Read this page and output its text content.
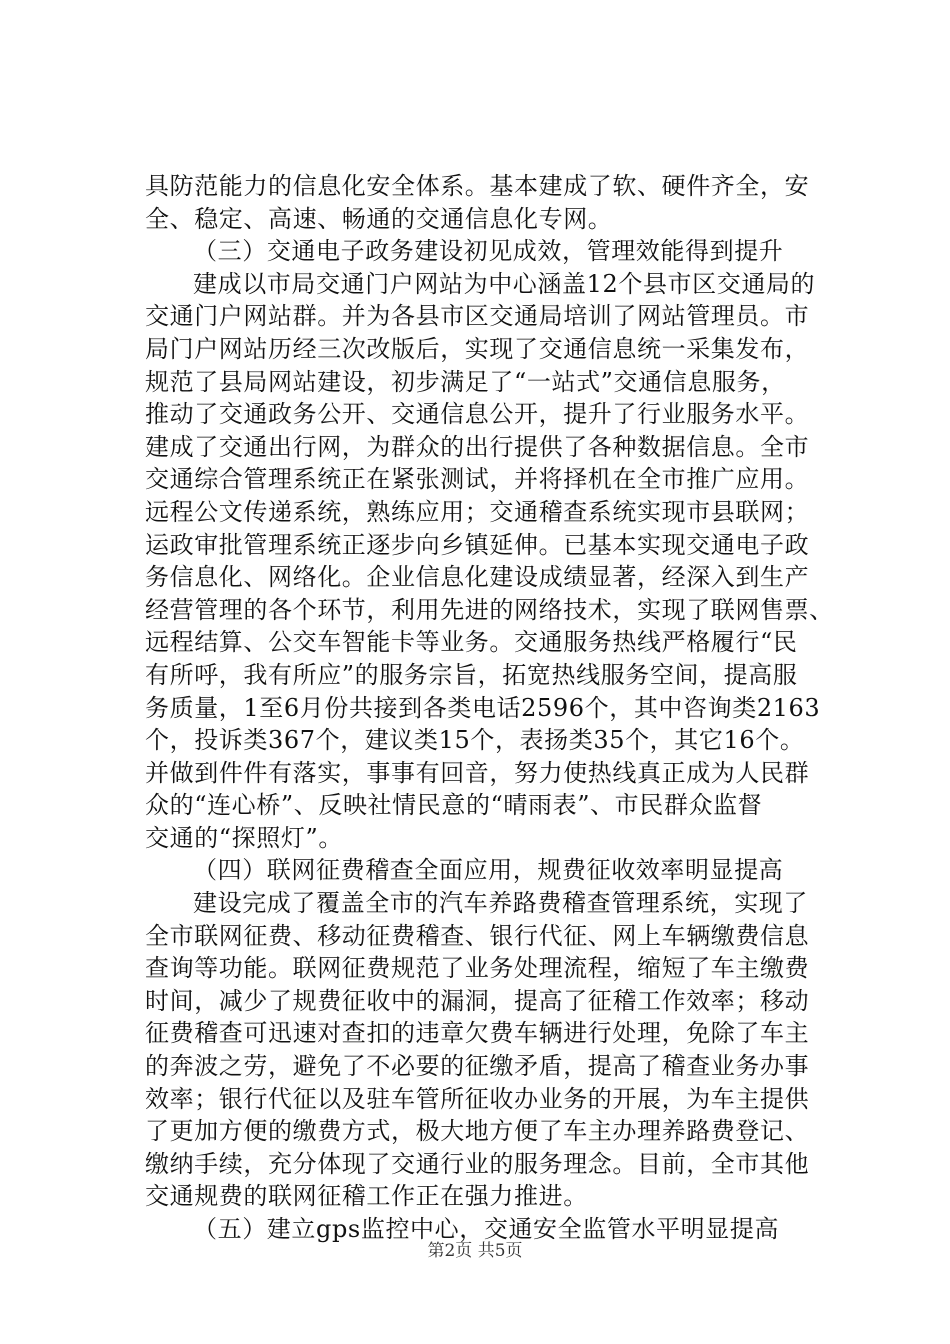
具防范能力的信息化安全体系。基本建成了软、硬件齐全，安
全、稳定、高速、畅通的交通信息化专网。
（三）交通电子政务建设初见成效，管理效能得到提升
建成以市局交通门户网站为中心涵盖12个县市区交通局的
交通门户网站群。并为各县市区交通局培训了网站管理员。市
局门户网站历经三次改版后，实现了交通信息统一采集发布，
规范了县局网站建设，初步满足了“一站式”交通信息服务，
推动了交通政务公开、交通信息公开，提升了行业服务水平。
建成了交通出行网，为群众的出行提供了各种数据信息。全市
交通综合管理系统正在紧张测试，并将择机在全市推广应用。
远程公文传递系统，熟练应用；交通稽查系统实现市县联网；
运政审批管理系统正逐步向乡镇延伸。已基本实现交通电子政
务信息化、网络化。企业信息化建设成绩显著，经深入到生产
经营管理的各个环节，利用先进的网络技术，实现了联网售票、
远程结算、公交车智能卡等业务。交通服务热线严格履行“民
有所呼，我有所应”的服务宗旨，拓宽热线服务空间，提高服
务质量，1至6月份共接到各类电话2596个，其中咨询类2163
个，投诉类367个，建议类15个，表扬类35个，其它16个。
并做到件件有落实，事事有回音，努力使热线真正成为人民群
众的“连心桥”、反映社情民意的“晴雨表”、市民群众监督
交通的“探照灯”。
（四）联网征费稽查全面应用，规费征收效率明显提高
建设完成了覆盖全市的汽车养路费稽查管理系统，实现了
全市联网征费、移动征费稽查、银行代征、网上车辆缴费信息
查询等功能。联网征费规范了业务处理流程，缩短了车主缴费
时间，减少了规费征收中的漏洞，提高了征稽工作效率；移动
征费稽查可迅速对查扣的违章欠费车辆进行处理，免除了车主
的奔波之劳，避免了不必要的征缴矛盾，提高了稽查业务办事
效率；银行代征以及驻车管所征收办业务的开展，为车主提供
了更加方便的缴费方式，极大地方便了车主办理养路费登记、
缴纳手续，充分体现了交通行业的服务理念。目前，全市其他
交通规费的联网征稽工作正在强力推进。
（五）建立gps监控中心，交通安全监管水平明显提高
第2页 共5页
